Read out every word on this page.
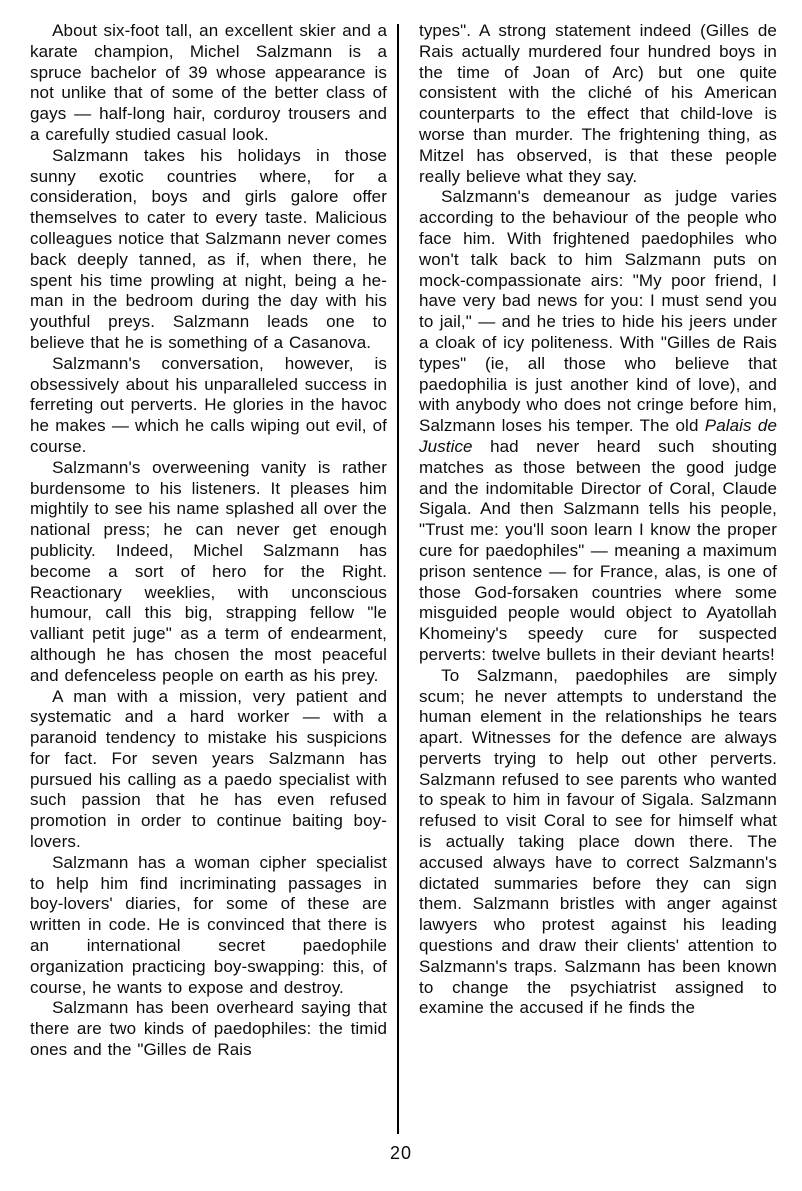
About six-foot tall, an excellent skier and a karate champion, Michel Salzmann is a spruce bachelor of 39 whose appearance is not unlike that of some of the better class of gays — half-long hair, corduroy trousers and a carefully studied casual look.

Salzmann takes his holidays in those sunny exotic countries where, for a consideration, boys and girls galore offer themselves to cater to every taste. Malicious colleagues notice that Salzmann never comes back deeply tanned, as if, when there, he spent his time prowling at night, being a he-man in the bedroom during the day with his youthful preys. Salzmann leads one to believe that he is something of a Casanova.

Salzmann's conversation, however, is obsessively about his unparalleled success in ferreting out perverts. He glories in the havoc he makes — which he calls wiping out evil, of course.

Salzmann's overweening vanity is rather burdensome to his listeners. It pleases him mightily to see his name splashed all over the national press; he can never get enough publicity. Indeed, Michel Salzmann has become a sort of hero for the Right. Reactionary weeklies, with unconscious humour, call this big, strapping fellow "le valliant petit juge" as a term of endearment, although he has chosen the most peaceful and defenceless people on earth as his prey.

A man with a mission, very patient and systematic and a hard worker — with a paranoid tendency to mistake his suspicions for fact. For seven years Salzmann has pursued his calling as a paedo specialist with such passion that he has even refused promotion in order to continue baiting boy-lovers.

Salzmann has a woman cipher specialist to help him find incriminating passages in boy-lovers' diaries, for some of these are written in code. He is convinced that there is an international secret paedophile organization practicing boy-swapping: this, of course, he wants to expose and destroy.

Salzmann has been overheard saying that there are two kinds of paedophiles: the timid ones and the "Gilles de Rais

types". A strong statement indeed (Gilles de Rais actually murdered four hundred boys in the time of Joan of Arc) but one quite consistent with the cliché of his American counterparts to the effect that child-love is worse than murder. The frightening thing, as Mitzel has observed, is that these people really believe what they say.

Salzmann's demeanour as judge varies according to the behaviour of the people who face him. With frightened paedophiles who won't talk back to him Salzmann puts on mock-compassionate airs: "My poor friend, I have very bad news for you: I must send you to jail," — and he tries to hide his jeers under a cloak of icy politeness. With "Gilles de Rais types" (ie, all those who believe that paedophilia is just another kind of love), and with anybody who does not cringe before him, Salzmann loses his temper. The old Palais de Justice had never heard such shouting matches as those between the good judge and the indomitable Director of Coral, Claude Sigala. And then Salzmann tells his people, "Trust me: you'll soon learn I know the proper cure for paedophiles" — meaning a maximum prison sentence — for France, alas, is one of those God-forsaken countries where some misguided people would object to Ayatollah Khomeiny's speedy cure for suspected perverts: twelve bullets in their deviant hearts!

To Salzmann, paedophiles are simply scum; he never attempts to understand the human element in the relationships he tears apart. Witnesses for the defence are always perverts trying to help out other perverts. Salzmann refused to see parents who wanted to speak to him in favour of Sigala. Salzmann refused to visit Coral to see for himself what is actually taking place down there. The accused always have to correct Salzmann's dictated summaries before they can sign them. Salzmann bristles with anger against lawyers who protest against his leading questions and draw their clients' attention to Salzmann's traps. Salzmann has been known to change the psychiatrist assigned to examine the accused if he finds the

20
